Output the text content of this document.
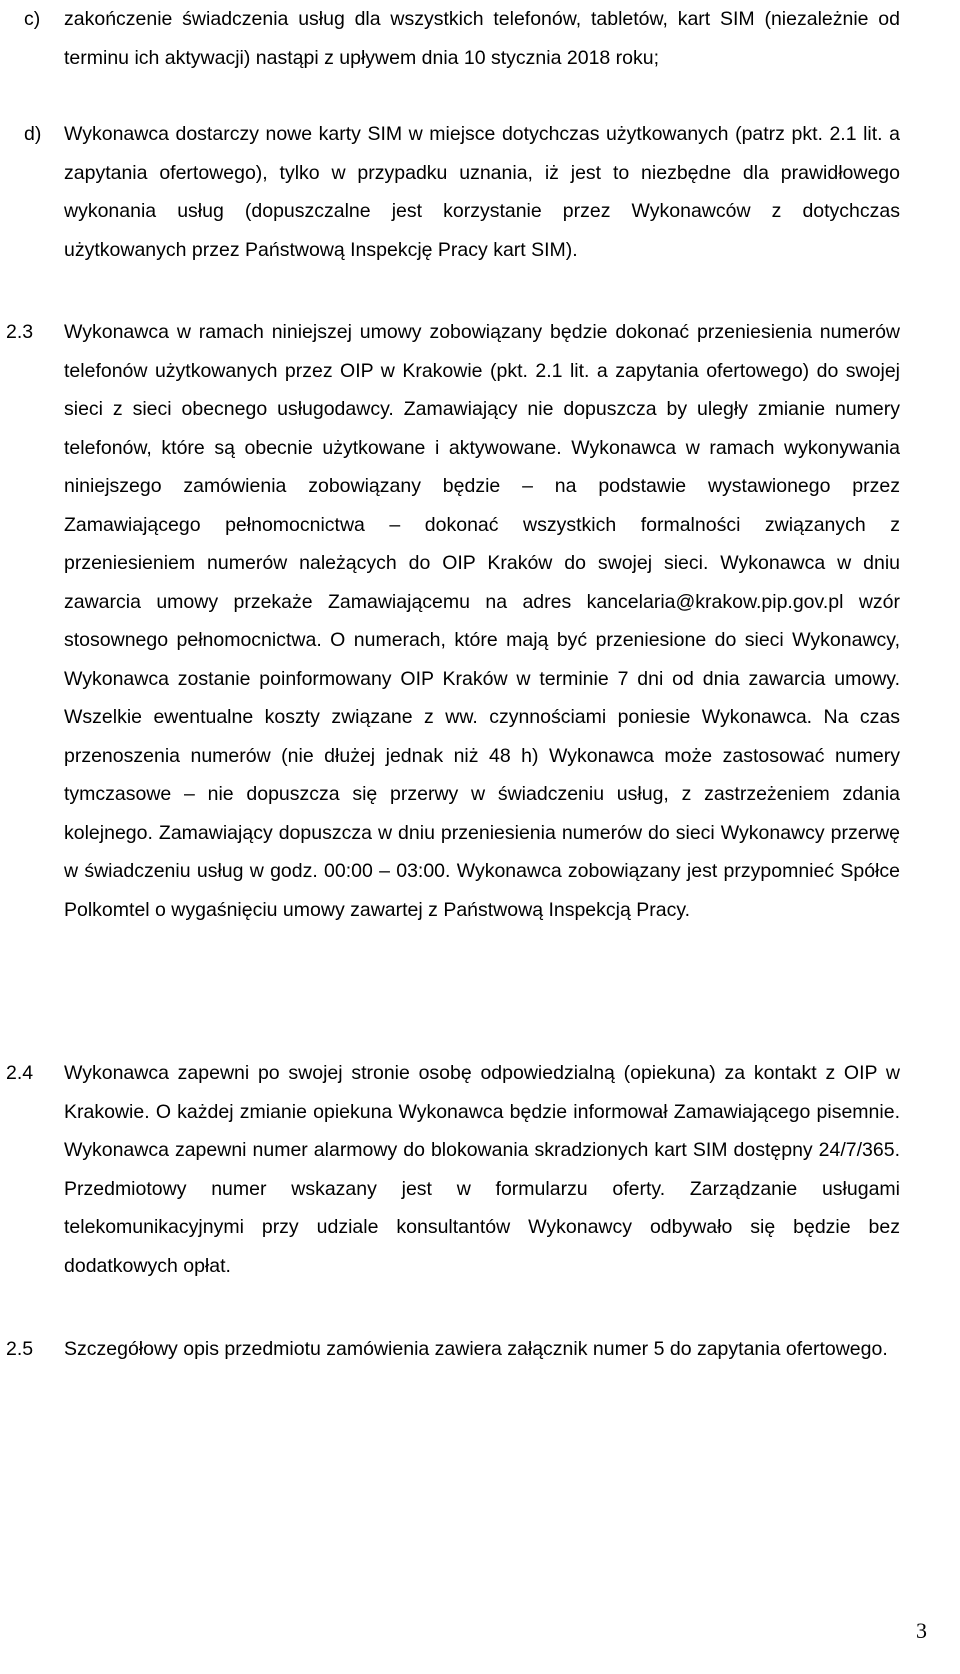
c) zakończenie świadczenia usług dla wszystkich telefonów, tabletów, kart SIM (niezależnie od terminu ich aktywacji) nastąpi z upływem dnia 10 stycznia 2018 roku;
d) Wykonawca dostarczy nowe karty SIM w miejsce dotychczas użytkowanych (patrz pkt. 2.1 lit. a zapytania ofertowego), tylko w przypadku uznania, iż jest to niezbędne dla prawidłowego wykonania usług (dopuszczalne jest korzystanie przez Wykonawców z dotychczas użytkowanych przez Państwową Inspekcję Pracy kart SIM).
2.3 Wykonawca w ramach niniejszej umowy zobowiązany będzie dokonać przeniesienia numerów telefonów użytkowanych przez OIP w Krakowie (pkt. 2.1 lit. a zapytania ofertowego) do swojej sieci z sieci obecnego usługodawcy. Zamawiający nie dopuszcza by uległy zmianie numery telefonów, które są obecnie użytkowane i aktywowane. Wykonawca w ramach wykonywania niniejszego zamówienia zobowiązany będzie – na podstawie wystawionego przez Zamawiającego pełnomocnictwa – dokonać wszystkich formalności związanych z przeniesieniem numerów należących do OIP Kraków do swojej sieci. Wykonawca w dniu zawarcia umowy przekaże Zamawiającemu na adres kancelaria@krakow.pip.gov.pl wzór stosownego pełnomocnictwa. O numerach, które mają być przeniesione do sieci Wykonawcy, Wykonawca zostanie poinformowany OIP Kraków w terminie 7 dni od dnia zawarcia umowy. Wszelkie ewentualne koszty związane z ww. czynnościami poniesie Wykonawca. Na czas przenoszenia numerów (nie dłużej jednak niż 48 h) Wykonawca może zastosować numery tymczasowe – nie dopuszcza się przerwy w świadczeniu usług, z zastrzeżeniem zdania kolejnego. Zamawiający dopuszcza w dniu przeniesienia numerów do sieci Wykonawcy przerwę w świadczeniu usług w godz. 00:00 – 03:00. Wykonawca zobowiązany jest przypomnieć Spółce Polkomtel o wygaśnięciu umowy zawartej z Państwową Inspekcją Pracy.
2.4 Wykonawca zapewni po swojej stronie osobę odpowiedzialną (opiekuna) za kontakt z OIP w Krakowie. O każdej zmianie opiekuna Wykonawca będzie informował Zamawiającego pisemnie. Wykonawca zapewni numer alarmowy do blokowania skradzionych kart SIM dostępny 24/7/365. Przedmiotowy numer wskazany jest w formularzu oferty. Zarządzanie usługami telekomunikacyjnymi przy udziale konsultantów Wykonawcy odbywało się będzie bez dodatkowych opłat.
2.5 Szczegółowy opis przedmiotu zamówienia zawiera załącznik numer 5 do zapytania ofertowego.
3
